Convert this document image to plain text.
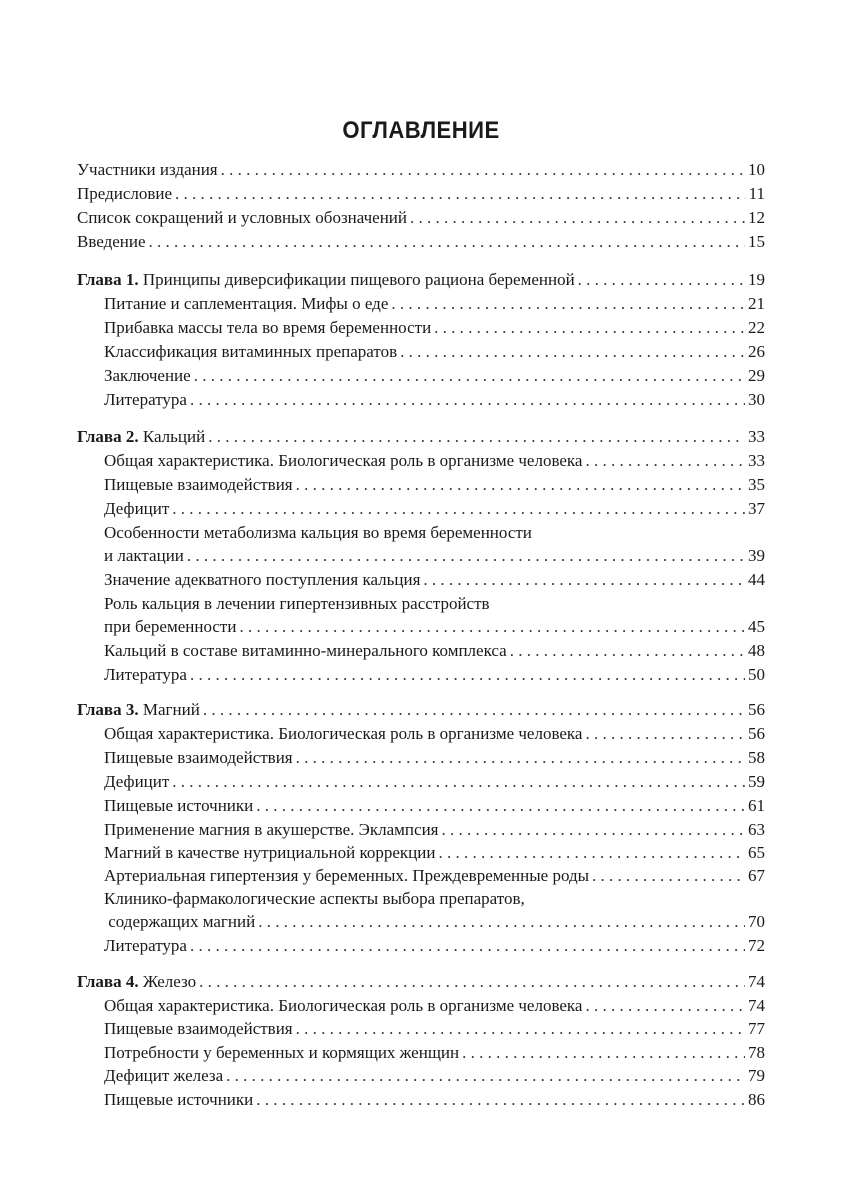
ОГЛАВЛЕНИЕ
Участники издания . . .	10
Предисловие . . .	11
Список сокращений и условных обозначений . . .	12
Введение . . .	15
Глава 1. Принципы диверсификации пищевого рациона беременной . . .	19
Питание и саплементация. Мифы о еде . . .	21
Прибавка массы тела во время беременности . . .	22
Классификация витаминных препаратов . . .	26
Заключение . . .	29
Литература . . .	30
Глава 2. Кальций . . .	33
Общая характеристика. Биологическая роль в организме человека . . .	33
Пищевые взаимодействия . . .	35
Дефицит . . .	37
Особенности метаболизма кальция во время беременности
и лактации . . .	39
Значение адекватного поступления кальция . . .	44
Роль кальция в лечении гипертензивных расстройств
при беременности . . .	45
Кальций в составе витаминно-минерального комплекса . . .	48
Литература . . .	50
Глава 3. Магний . . .	56
Общая характеристика. Биологическая роль в организме человека . . .	56
Пищевые взаимодействия . . .	58
Дефицит . . .	59
Пищевые источники . . .	61
Применение магния в акушерстве. Эклампсия . . .	63
Магний в качестве нутрициальной коррекции . . .	65
Артериальная гипертензия у беременных. Преждевременные роды . . .	67
Клинико-фармакологические аспекты выбора препаратов,
содержащих магний . . .	70
Литература . . .	72
Глава 4. Железо . . .	74
Общая характеристика. Биологическая роль в организме человека . . .	74
Пищевые взаимодействия . . .	77
Потребности у беременных и кормящих женщин . . .	78
Дефицит железа . . .	79
Пищевые источники . . .	86
